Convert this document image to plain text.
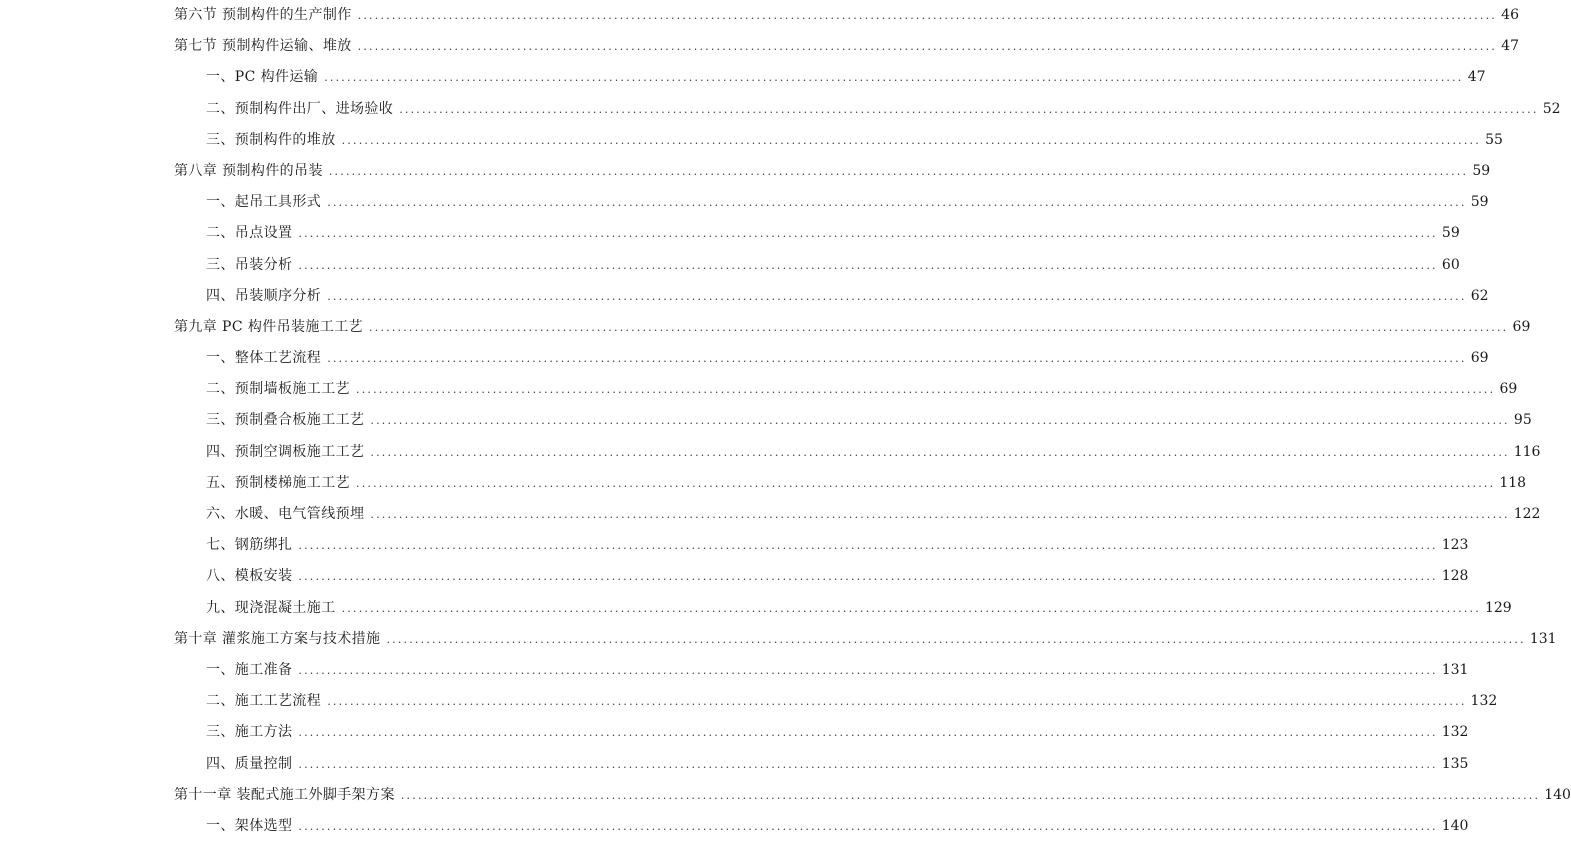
第六节 预制构件的生产制作 ........................................................................................................................................................................................................ 46
第七节 预制构件运输、堆放 ........................................................................................................................................................................................................ 47
一、PC 构件运输 ........................................................................................................................................................................................................ 47
二、预制构件出厂、进场验收 ........................................................................................................................................................................................................ 52
三、预制构件的堆放 ........................................................................................................................................................................................................ 55
第八章 预制构件的吊装 ........................................................................................................................................................................................................ 59
一、起吊工具形式 ........................................................................................................................................................................................................ 59
二、吊点设置 ........................................................................................................................................................................................................ 59
三、吊装分析 ........................................................................................................................................................................................................ 60
四、吊装顺序分析 ........................................................................................................................................................................................................ 62
第九章 PC 构件吊装施工工艺 ........................................................................................................................................................................................................ 69
一、整体工艺流程 ........................................................................................................................................................................................................ 69
二、预制墙板施工工艺 ........................................................................................................................................................................................................ 69
三、预制叠合板施工工艺 ........................................................................................................................................................................................................ 95
四、预制空调板施工工艺 ........................................................................................................................................................................................................ 116
五、预制楼梯施工工艺 ........................................................................................................................................................................................................ 118
六、水暖、电气管线预埋 ........................................................................................................................................................................................................ 122
七、钢筋绑扎 ........................................................................................................................................................................................................ 123
八、模板安装 ........................................................................................................................................................................................................ 128
九、现浇混凝土施工 ........................................................................................................................................................................................................ 129
第十章 灌浆施工方案与技术措施 ........................................................................................................................................................................................................ 131
一、施工准备 ........................................................................................................................................................................................................ 131
二、施工工艺流程 ........................................................................................................................................................................................................ 132
三、施工方法 ........................................................................................................................................................................................................ 132
四、质量控制 ........................................................................................................................................................................................................ 135
第十一章 装配式施工外脚手架方案 ........................................................................................................................................................................................................ 140
一、架体选型 ........................................................................................................................................................................................................ 140
